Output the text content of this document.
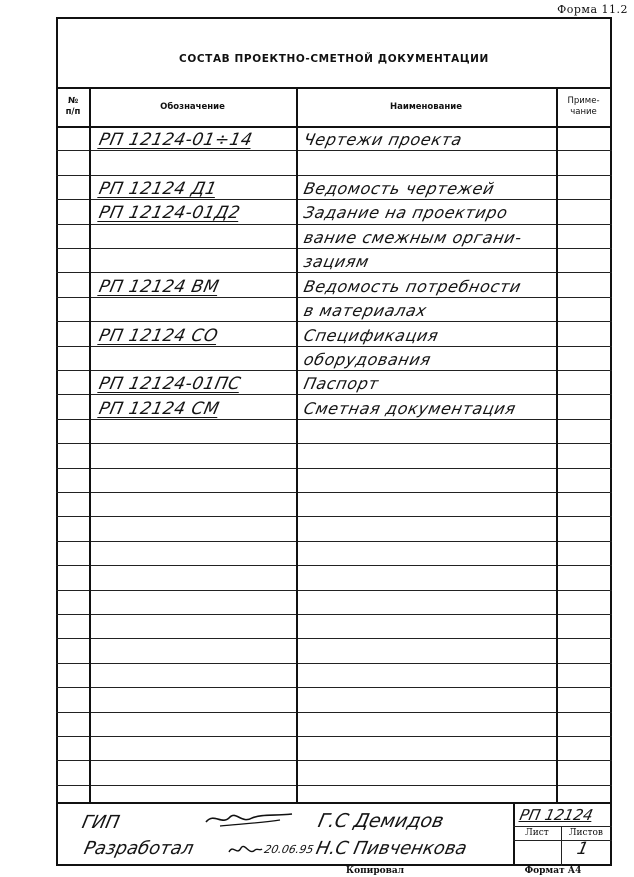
Форма 11.2
СОСТАВ ПРОЕКТНО-СМЕТНОЙ ДОКУМЕНТАЦИИ
№
п/п
Обозначение	Наименование
Приме-
чание
РП 12124-01÷14	Чертежи проекта
РП 12124 Д1	Ведомость чертежей
РП 12124-01Д2	Задание на проектиро
вание смежным органи-
зациям
РП 12124 ВМ	Ведомость потребности
в материалах
РП 12124 СО	Спецификация
оборудования
РП 12124-01ПС	Паспорт
РП 12124 СМ	Сметная документация
ГИП	Г.С Демидов
Разработал	20.06.95 Н.С Пивченкова
РП 12124
Лист	Листов
1
Копировал	Формат А4
